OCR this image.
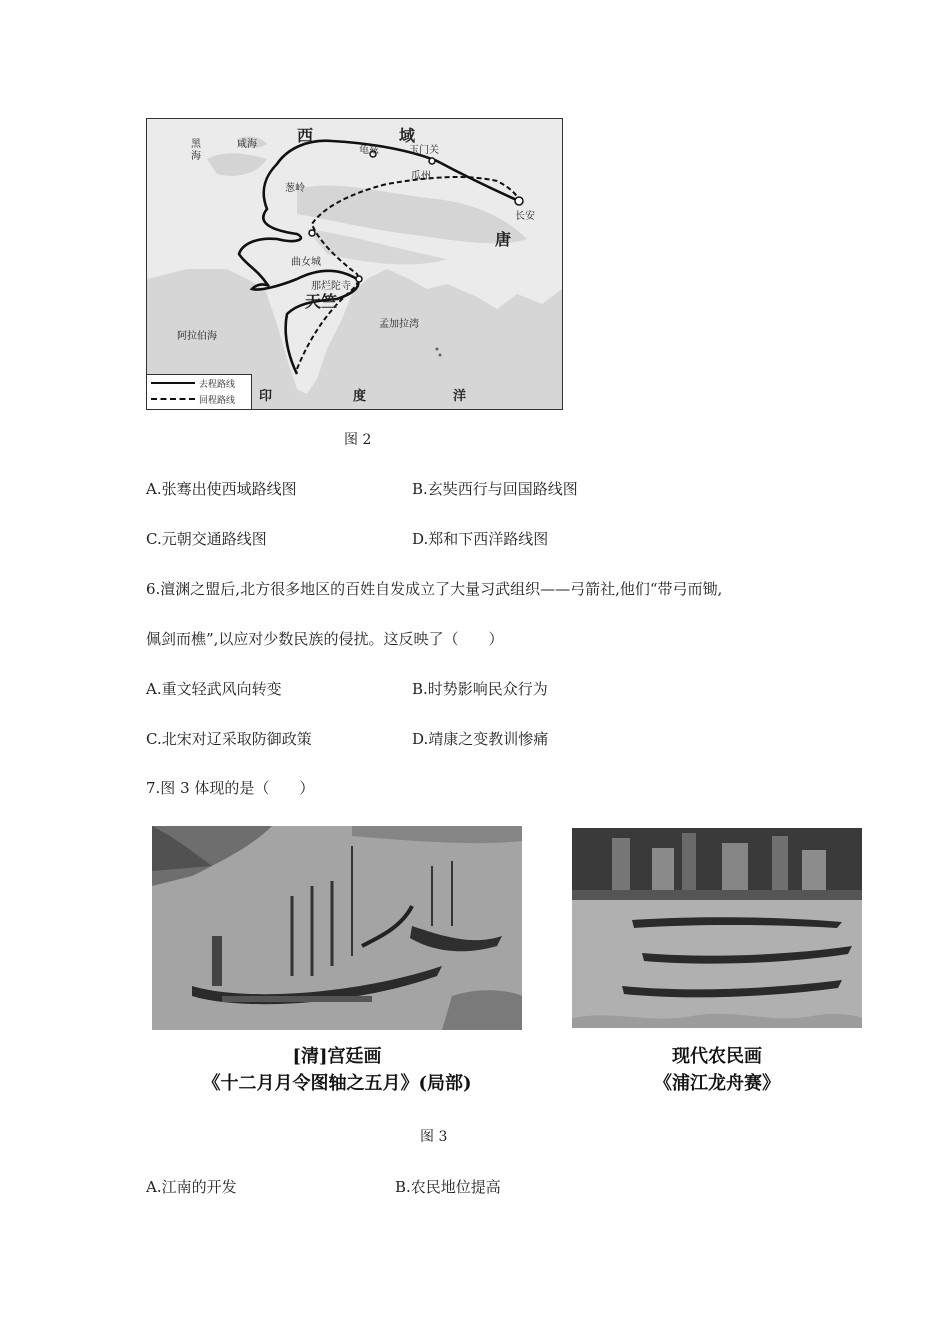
西	域
唐
天竺
黑海
咸海
龟兹	玉门关
瓜州
长安
葱岭
曲女城
那烂陀寺
阿拉伯海
孟加拉湾
印	度	洋
去程路线
回程路线
图 2
A.张骞出使西域路线图	B.玄奘西行与回国路线图
C.元朝交通路线图	D.郑和下西洋路线图
6.澶渊之盟后,北方很多地区的百姓自发成立了大量习武组织——弓箭社,他们“带弓而锄,
佩剑而樵”,以应对少数民族的侵扰。这反映了（　　）
A.重文轻武风向转变	B.时势影响民众行为
C.北宋对辽采取防御政策	D.靖康之变教训惨痛
7.图 3 体现的是（　　）
[清]宫廷画
《十二月月令图轴之五月》(局部)
现代农民画
《浦江龙舟赛》
图 3
A.江南的开发	B.农民地位提高
